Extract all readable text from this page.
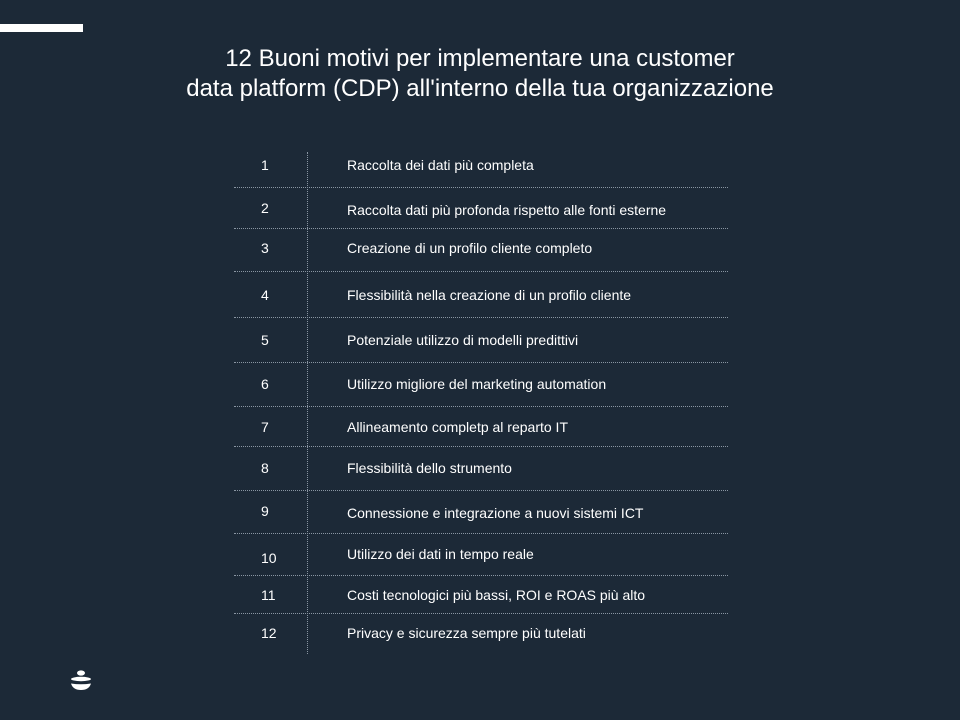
12 Buoni motivi per implementare una customer
data platform (CDP) all'interno della tua organizzazione
1	Raccolta dei dati più completa
2	Raccolta dati più profonda rispetto alle fonti esterne
3	Creazione di un profilo cliente completo
4	Flessibilità nella creazione di un profilo cliente
5	Potenziale utilizzo di modelli predittivi
6	Utilizzo migliore del marketing automation
7	Allineamento completp al reparto IT
8	Flessibilità dello strumento
9	Connessione e integrazione a nuovi sistemi ICT
10	Utilizzo dei dati in tempo reale
11	Costi tecnologici più bassi, ROI e ROAS più alto
12	Privacy e sicurezza sempre più tutelati
